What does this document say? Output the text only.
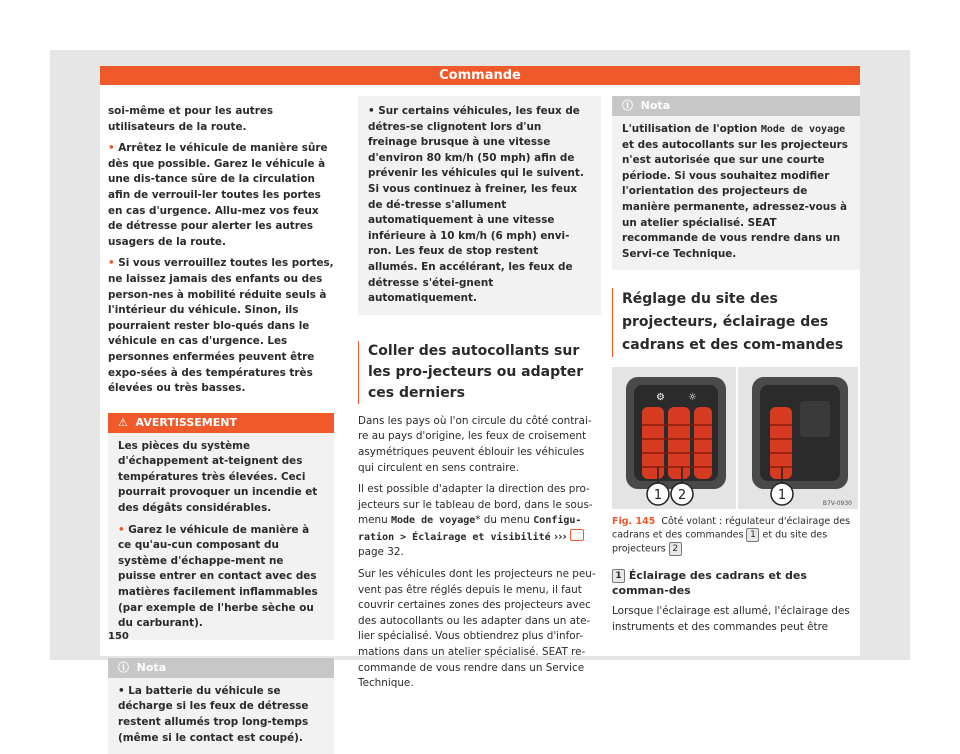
Commande

soi-même et pour les autres utilisateurs de la route.

• Arrêtez le véhicule de manière sûre dès que possible. Garez le véhicule à une dis-tance sûre de la circulation afin de verrouil-ler toutes les portes en cas d'urgence. Allu-mez vos feux de détresse pour alerter les autres usagers de la route.

• Si vous verrouillez toutes les portes, ne laissez jamais des enfants ou des person-nes à mobilité réduite seuls à l'intérieur du véhicule. Sinon, ils pourraient rester blo-qués dans le véhicule en cas d'urgence. Les personnes enfermées peuvent être expo-sées à des températures très élevées ou très basses.

⚠ AVERTISSEMENT

Les pièces du système d'échappement at-teignent des températures très élevées. Ceci pourrait provoquer un incendie et des dégâts considérables.

• Garez le véhicule de manière à ce qu'au-cun composant du système d'échappe-ment ne puisse entrer en contact avec des matières facilement inflammables (par exemple de l'herbe sèche ou du carburant).

ⓘ Nota

• La batterie du véhicule se décharge si les feux de détresse restent allumés trop long-temps (même si le contact est coupé).

• Sur certains véhicules, les feux de détres-se clignotent lors d'un freinage brusque à une vitesse d'environ 80 km/h (50 mph) afin de prévenir les véhicules qui le suivent. Si vous continuez à freiner, les feux de dé-tresse s'allument automatiquement à une vitesse inférieure à 10 km/h (6 mph) envi-ron. Les feux de stop restent allumés. En accélérant, les feux de détresse s'étei-gnent automatiquement.

Coller des autocollants sur les pro-jecteurs ou adapter ces derniers

Dans les pays où l'on circule du côté contrai-re au pays d'origine, les feux de croisement asymétriques peuvent éblouir les véhicules qui circulent en sens contraire.

Il est possible d'adapter la direction des pro-jecteurs sur le tableau de bord, dans le sous-menu Mode de voyage* du menu Configu-ration > Éclairage et visibilité ›››  page 32.

Sur les véhicules dont les projecteurs ne peu-vent pas être réglés depuis le menu, il faut couvrir certaines zones des projecteurs avec des autocollants ou les adapter dans un ate-lier spécialisé. Vous obtiendrez plus d'infor-mations dans un atelier spécialisé. SEAT re-commande de vous rendre dans un Service Technique.

ⓘ Nota
L'utilisation de l'option Mode de voyage et des autocollants sur les projecteurs n'est autorisée que sur une courte période. Si vous souhaitez modifier l'orientation des projecteurs de manière permanente, adressez-vous à un atelier spécialisé. SEAT recommande de vous rendre dans un Servi-ce Technique.
Réglage du site des projecteurs, éclairage des cadrans et des com-mandes
⚙ ☼
1 2	1
B7V-0930
Fig. 145 Côté volant : régulateur d'éclairage des cadrans et des commandes 1 et du site des projecteurs 2

1 Éclairage des cadrans et des comman-des

Lorsque l'éclairage est allumé, l'éclairage des instruments et des commandes peut être

150
